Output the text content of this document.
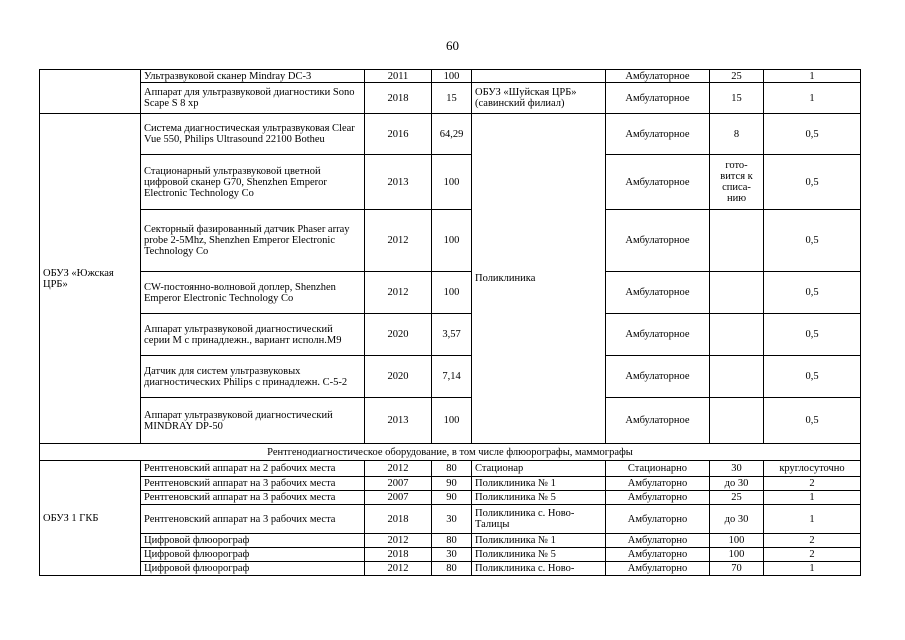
60
	Ультразвуковой сканер Mindray DC-3	2011	100		Амбулаторное	25	1
	Аппарат для ультразвуковой диагностики Sono Scape S 8 xp	2018	15	ОБУЗ «Шуйская ЦРБ» (савинский филиал)	Амбулаторное	15	1
ОБУЗ «Южская ЦРБ»	Система диагностическая ультразвуковая Clear Vue 550, Philips Ultrasound 22100 Botheu	2016	64,29	Поликлиника	Амбулаторное	8	0,5
	Стационарный ультразвуковой цветной цифровой сканер G70, Shenzhen Emperor Electronic Technology Co	2013	100		Амбулаторное	гото-вится к списа-нию	0,5
	Секторный фазированный датчик Phaser array probe 2-5Mhz, Shenzhen Emperor Electronic Technology Co	2012	100		Амбулаторное		0,5
	CW-постоянно-волновой доплер, Shenzhen Emperor Electronic Technology Co	2012	100		Амбулаторное		0,5
	Аппарат ультразвуковой диагностический серии М с принадлежн., вариант исполн.М9	2020	3,57		Амбулаторное		0,5
	Датчик для систем ультразвуковых диагностических Philips с принадлежн. C-5-2	2020	7,14		Амбулаторное		0,5
	Аппарат ультразвуковой диагностический MINDRAY DP-50	2013	100		Амбулаторное		0,5
Рентгенодиагностическое оборудование, в том числе флюорографы, маммографы							
ОБУЗ 1 ГКБ	Рентгеновский аппарат на 2 рабочих места	2012	80	Стационар	Стационарно	30	круглосуточно
	Рентгеновский аппарат на 3 рабочих места	2007	90	Поликлиника № 1	Амбулаторно	до 30	2
	Рентгеновский аппарат на 3 рабочих места	2007	90	Поликлиника № 5	Амбулаторно	25	1
	Рентгеновский аппарат на 3 рабочих места	2018	30	Поликлиника с. Ново-Талицы	Амбулаторно	до 30	1
	Цифровой флюорограф	2012	80	Поликлиника № 1	Амбулаторно	100	2
	Цифровой флюорограф	2018	30	Поликлиника № 5	Амбулаторно	100	2
	Цифровой флюорограф	2012	80	Поликлиника с. Ново-	Амбулаторно	70	1
